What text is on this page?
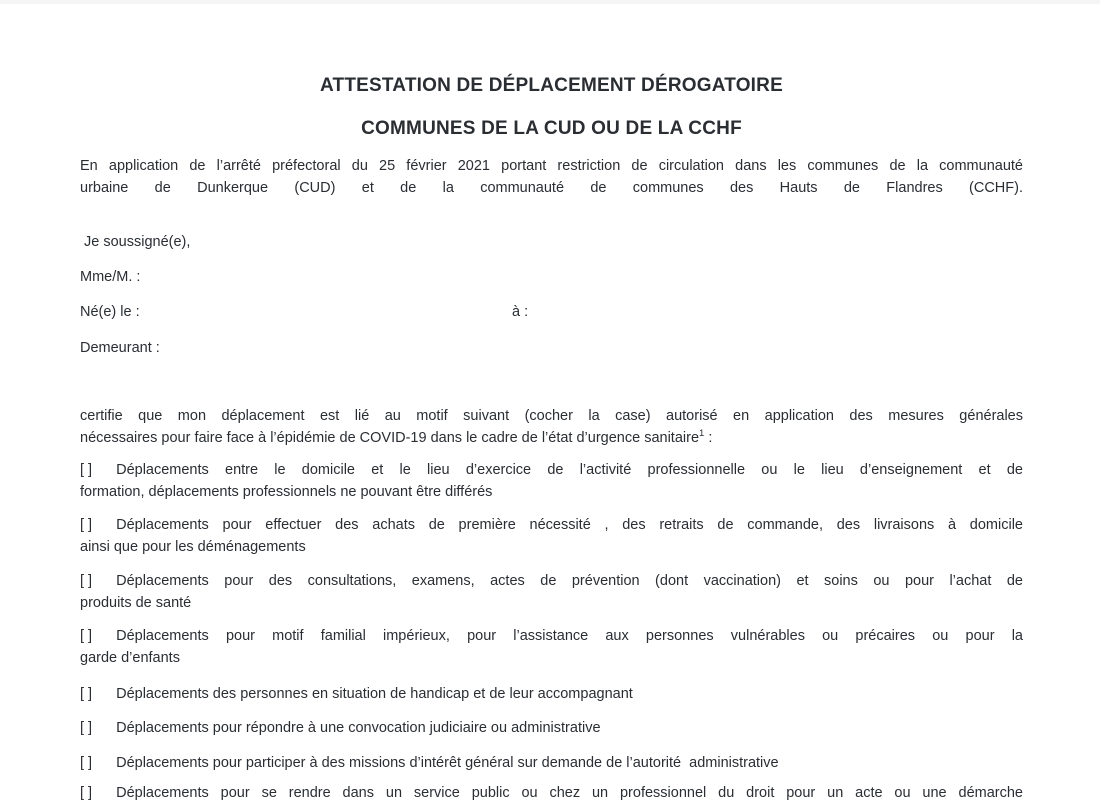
ATTESTATION DE DÉPLACEMENT DÉROGATOIRE
COMMUNES DE LA CUD OU DE LA CCHF
En application de l’arrêté préfectoral du 25 février 2021 portant restriction de circulation dans les communes de la communauté
urbaine de Dunkerque (CUD) et de la communauté de communes des Hauts de Flandres (CCHF).
Je soussigné(e),
Mme/M. :
Né(e) le :	à :
Demeurant :
certifie que mon déplacement est lié au motif suivant (cocher la case) autorisé en application des mesures générales
nécessaires pour faire face à l’épidémie de COVID-19 dans le cadre de l’état d’urgence sanitaire$^1$ :
[ ] Déplacements entre le domicile et le lieu d’exercice de l’activité professionnelle ou le lieu d’enseignement et de
formation, déplacements professionnels ne pouvant être différés
[ ] Déplacements pour effectuer des achats de première nécessité , des retraits de commande, des livraisons à domicile
ainsi que pour les déménagements
[ ] Déplacements pour des consultations, examens, actes de prévention (dont vaccination) et soins ou pour l’achat de
produits de santé
[ ] Déplacements pour motif familial impérieux, pour l’assistance aux personnes vulnérables ou précaires ou pour la
garde d’enfants
[ ] Déplacements des personnes en situation de handicap et de leur accompagnant
[ ] Déplacements pour répondre à une convocation judiciaire ou administrative
[ ] Déplacements pour participer à des missions d’intérêt général sur demande de l’autorité  administrative
[ ] Déplacements pour se rendre dans un service public ou chez un professionnel du droit pour un acte ou une démarche
